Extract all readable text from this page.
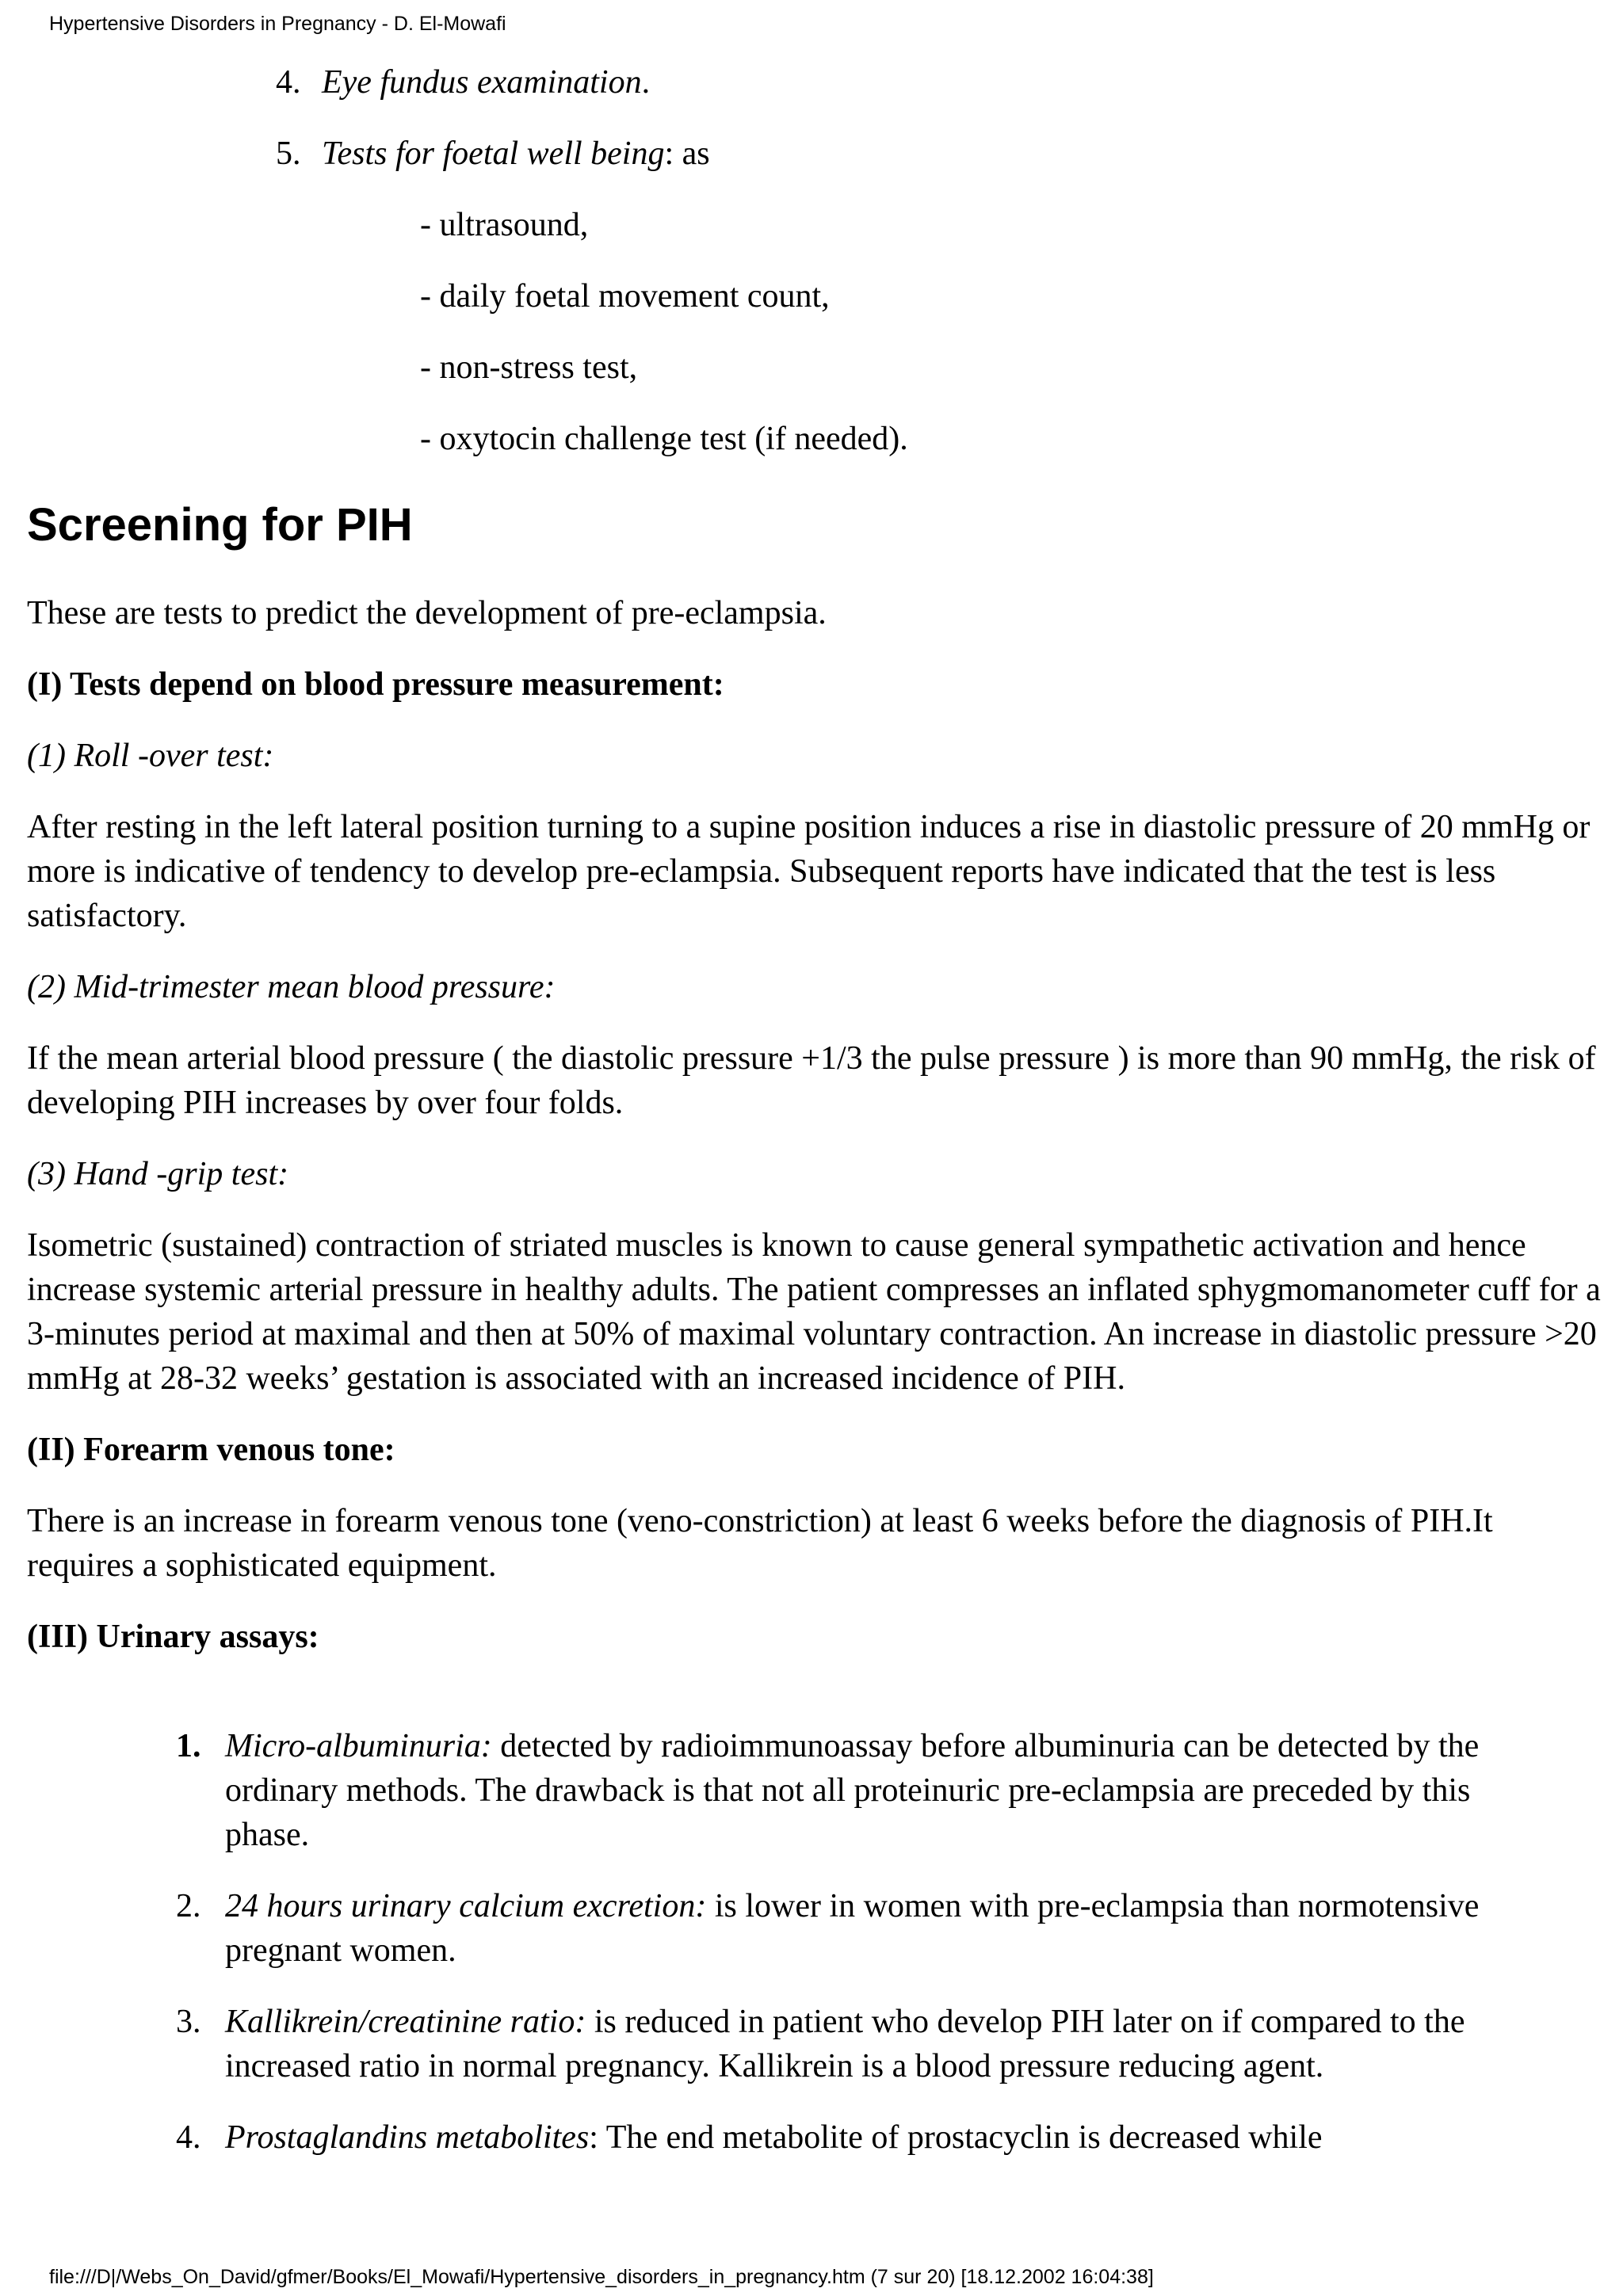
Hypertensive Disorders in Pregnancy - D. El-Mowafi
4. Eye fundus examination.
5. Tests for foetal well being: as
- ultrasound,
- daily foetal movement count,
- non-stress test,
- oxytocin challenge test (if needed).
Screening for PIH

These are tests to predict the development of pre-eclampsia.

(I) Tests depend on blood pressure measurement:

(1) Roll -over test:

After resting in the left lateral position turning to a supine position induces a rise in diastolic pressure of 20 mmHg or more is indicative of tendency to develop pre-eclampsia. Subsequent reports have indicated that the test is less satisfactory.

(2) Mid-trimester mean blood pressure:

If the mean arterial blood pressure ( the diastolic pressure +1/3 the pulse pressure ) is more than 90 mmHg, the risk of developing PIH increases by over four folds.

(3) Hand -grip test:

Isometric (sustained) contraction of striated muscles is known to cause general sympathetic activation and hence increase systemic arterial pressure in healthy adults. The patient compresses an inflated sphygmomanometer cuff for a 3-minutes period at maximal and then at 50% of maximal voluntary contraction. An increase in diastolic pressure >20 mmHg at 28-32 weeks’ gestation is associated with an increased incidence of PIH.

(II) Forearm venous tone:

There is an increase in forearm venous tone (veno-constriction) at least 6 weeks before the diagnosis of PIH.It requires a sophisticated equipment.

(III) Urinary assays:

1. Micro-albuminuria: detected by radioimmunoassay before albuminuria can be detected by the ordinary methods. The drawback is that not all proteinuric pre-eclampsia are preceded by this phase.
2. 24 hours urinary calcium excretion: is lower in women with pre-eclampsia than normotensive pregnant women.
3. Kallikrein/creatinine ratio: is reduced in patient who develop PIH later on if compared to the increased ratio in normal pregnancy. Kallikrein is a blood pressure reducing agent.
4. Prostaglandins metabolites: The end metabolite of prostacyclin is decreased while
file:///D|/Webs_On_David/gfmer/Books/El_Mowafi/Hypertensive_disorders_in_pregnancy.htm (7 sur 20) [18.12.2002 16:04:38]
